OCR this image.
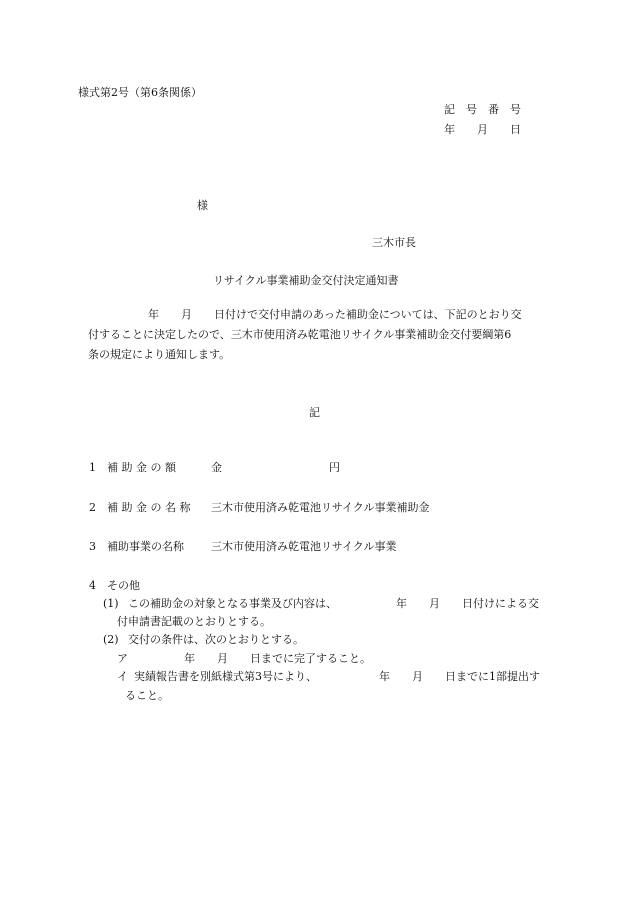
様式第2号（第6条関係）
記　号　番　号
年　　月　　日
様
三木市長
リサイクル事業補助金交付決定通知書

年　　月　　日付けで交付申請のあった補助金については、下記のとおり交

付することに決定したので、三木市使用済み乾電池リサイクル事業補助金交付要綱第6

条の規定により通知します。

記
1 補 助 金 の 額	金	円
2 補 助 金 の 名 称 三木市使用済み乾電池リサイクル事業補助金
3 補助事業の名称 三木市使用済み乾電池リサイクル事業
4 その他
(1) この補助金の対象となる事業及び内容は、	年　　月　　日付けによる交
付申請書記載のとおりとする。
(2) 交付の条件は、次のとおりとする。
ア	年　　月　　日までに完了すること。
イ 実績報告書を別紙様式第3号により、	年　　月　　日までに1部提出す
ること。
